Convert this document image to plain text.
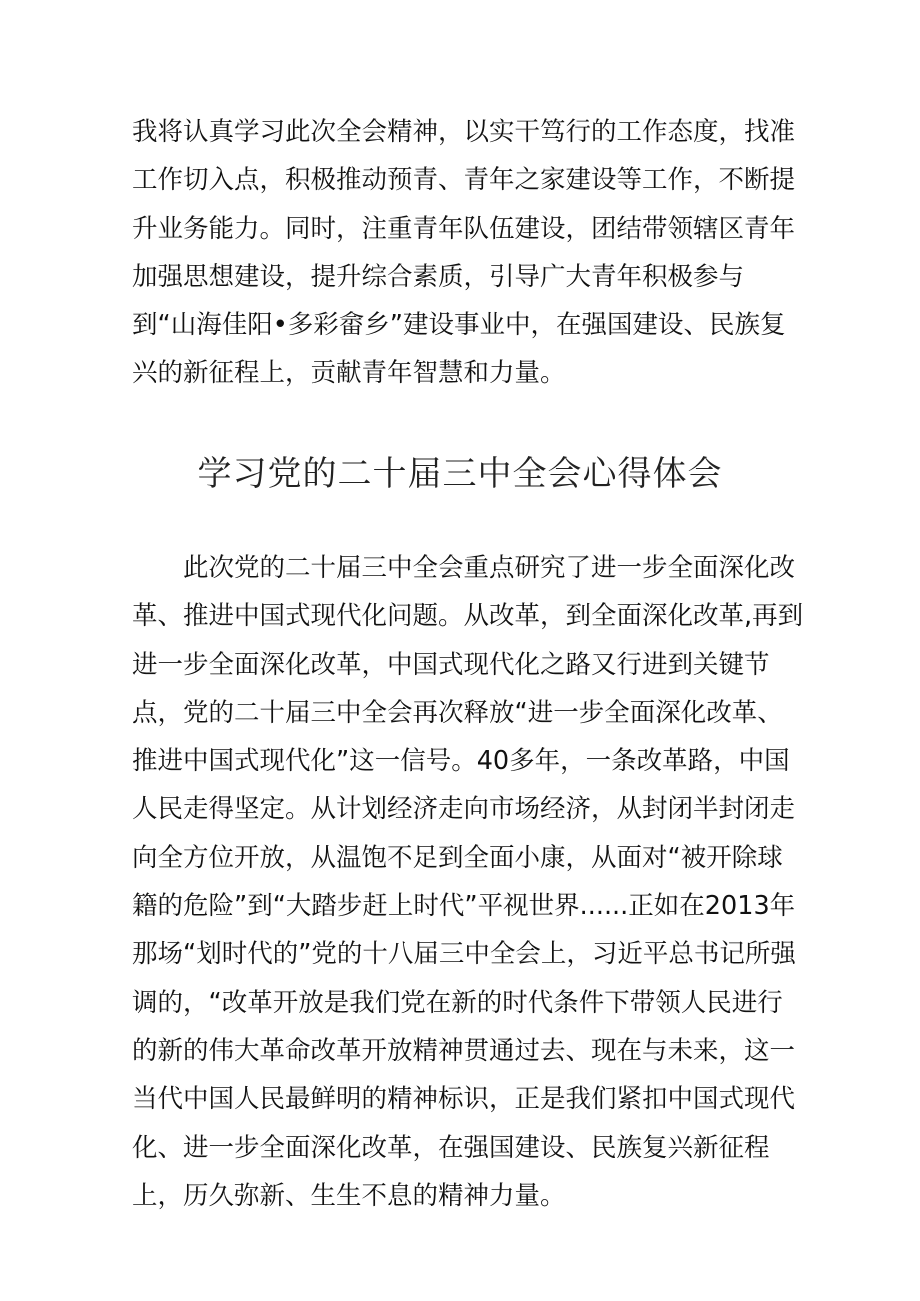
我将认真学习此次全会精神，以实干笃行的工作态度，找准工作切入点，积极推动预青、青年之家建设等工作，不断提升业务能力。同时，注重青年队伍建设，团结带领辖区青年加强思想建设，提升综合素质，引导广大青年积极参与到“山海佳阳•多彩畲乡”建设事业中，在强国建设、民族复兴的新征程上，贡献青年智慧和力量。

学习党的二十届三中全会心得体会

此次党的二十届三中全会重点研究了进一步全面深化改革、推进中国式现代化问题。从改革，到全面深化改革,再到进一步全面深化改革，中国式现代化之路又行进到关键节点，党的二十届三中全会再次释放“进一步全面深化改革、推进中国式现代化”这一信号。40多年，一条改革路，中国人民走得坚定。从计划经济走向市场经济，从封闭半封闭走向全方位开放，从温饱不足到全面小康，从面对“被开除球籍的危险”到“大踏步赶上时代”平视世界......正如在2013年那场“划时代的”党的十八届三中全会上，习近平总书记所强调的，“改革开放是我们党在新的时代条件下带领人民进行的新的伟大革命改革开放精神贯通过去、现在与未来，这一当代中国人民最鲜明的精神标识，正是我们紧扣中国式现代化、进一步全面深化改革，在强国建设、民族复兴新征程上，历久弥新、生生不息的精神力量。
